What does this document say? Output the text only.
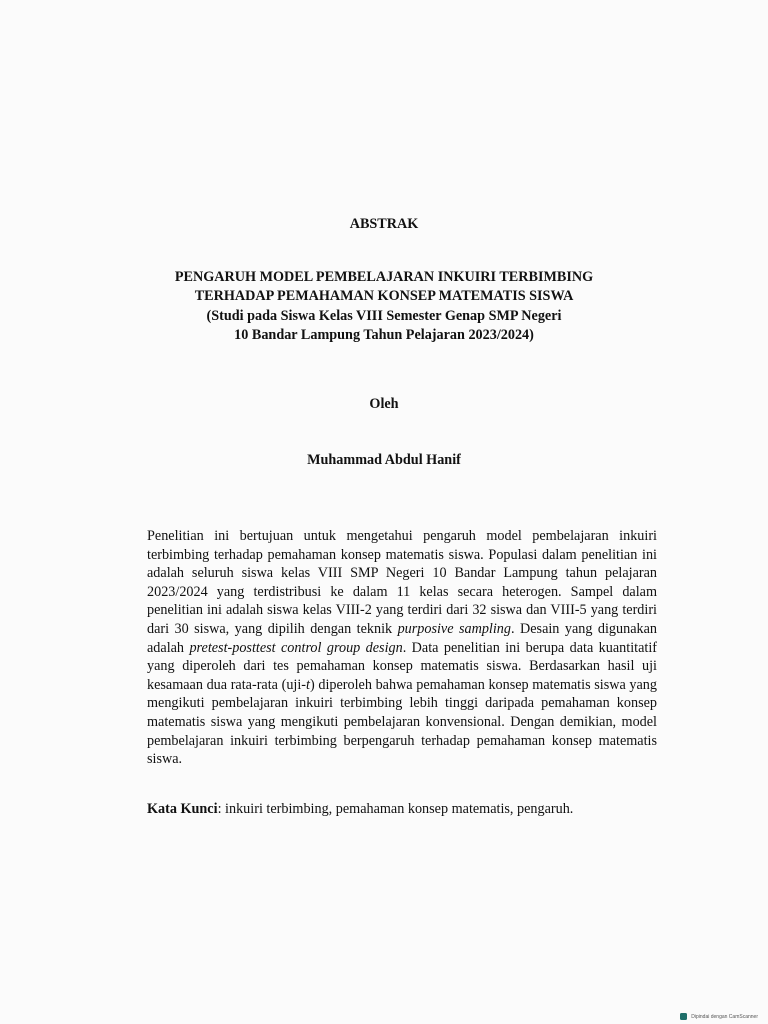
ABSTRAK
PENGARUH MODEL PEMBELAJARAN INKUIRI TERBIMBING
TERHADAP PEMAHAMAN KONSEP MATEMATIS SISWA
(Studi pada Siswa Kelas VIII Semester Genap SMP Negeri
10 Bandar Lampung Tahun Pelajaran 2023/2024)
Oleh
Muhammad Abdul Hanif
Penelitian ini bertujuan untuk mengetahui pengaruh model pembelajaran inkuiri terbimbing terhadap pemahaman konsep matematis siswa. Populasi dalam penelitian ini adalah seluruh siswa kelas VIII SMP Negeri 10 Bandar Lampung tahun pelajaran 2023/2024 yang terdistribusi ke dalam 11 kelas secara heterogen. Sampel dalam penelitian ini adalah siswa kelas VIII-2 yang terdiri dari 32 siswa dan VIII-5 yang terdiri dari 30 siswa, yang dipilih dengan teknik purposive sampling. Desain yang digunakan adalah pretest-posttest control group design. Data penelitian ini berupa data kuantitatif yang diperoleh dari tes pemahaman konsep matematis siswa. Berdasarkan hasil uji kesamaan dua rata-rata (uji-t) diperoleh bahwa pemahaman konsep matematis siswa yang mengikuti pembelajaran inkuiri terbimbing lebih tinggi daripada pemahaman konsep matematis siswa yang mengikuti pembelajaran konvensional. Dengan demikian, model pembelajaran inkuiri terbimbing berpengaruh terhadap pemahaman konsep matematis siswa.
Kata Kunci: inkuiri terbimbing, pemahaman konsep matematis, pengaruh.
Dipindai dengan CamScanner
